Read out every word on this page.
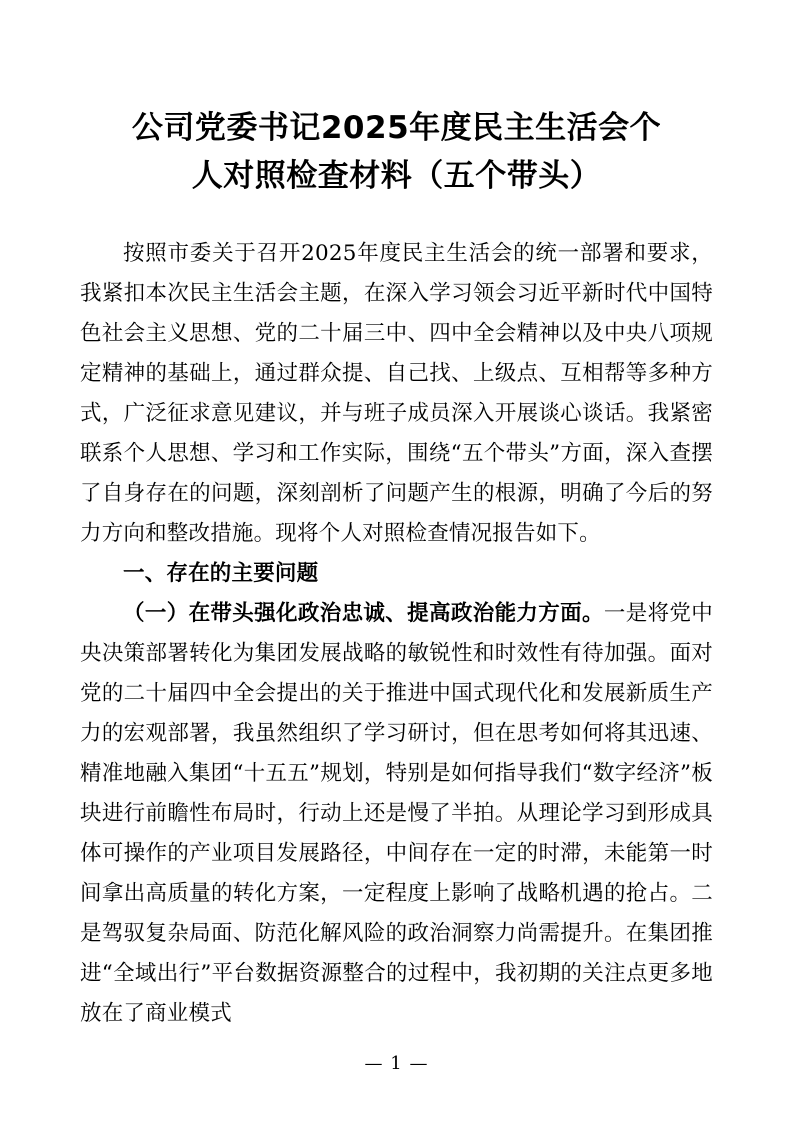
公司党委书记2025年度民主生活会个人对照检查材料（五个带头）

按照市委关于召开2025年度民主生活会的统一部署和要求，我紧扣本次民主生活会主题，在深入学习领会习近平新时代中国特色社会主义思想、党的二十届三中、四中全会精神以及中央八项规定精神的基础上，通过群众提、自己找、上级点、互相帮等多种方式，广泛征求意见建议，并与班子成员深入开展谈心谈话。我紧密联系个人思想、学习和工作实际，围绕“五个带头”方面，深入查摆了自身存在的问题，深刻剖析了问题产生的根源，明确了今后的努力方向和整改措施。现将个人对照检查情况报告如下。

一、存在的主要问题

（一）在带头强化政治忠诚、提高政治能力方面。一是将党中央决策部署转化为集团发展战略的敏锐性和时效性有待加强。面对党的二十届四中全会提出的关于推进中国式现代化和发展新质生产力的宏观部署，我虽然组织了学习研讨，但在思考如何将其迅速、精准地融入集团“十五五”规划，特别是如何指导我们“数字经济”板块进行前瞻性布局时，行动上还是慢了半拍。从理论学习到形成具体可操作的产业项目发展路径，中间存在一定的时滞，未能第一时间拿出高质量的转化方案，一定程度上影响了战略机遇的抢占。二是驾驭复杂局面、防范化解风险的政治洞察力尚需提升。在集团推进“全域出行”平台数据资源整合的过程中，我初期的关注点更多地放在了商业模式

— 1 —
